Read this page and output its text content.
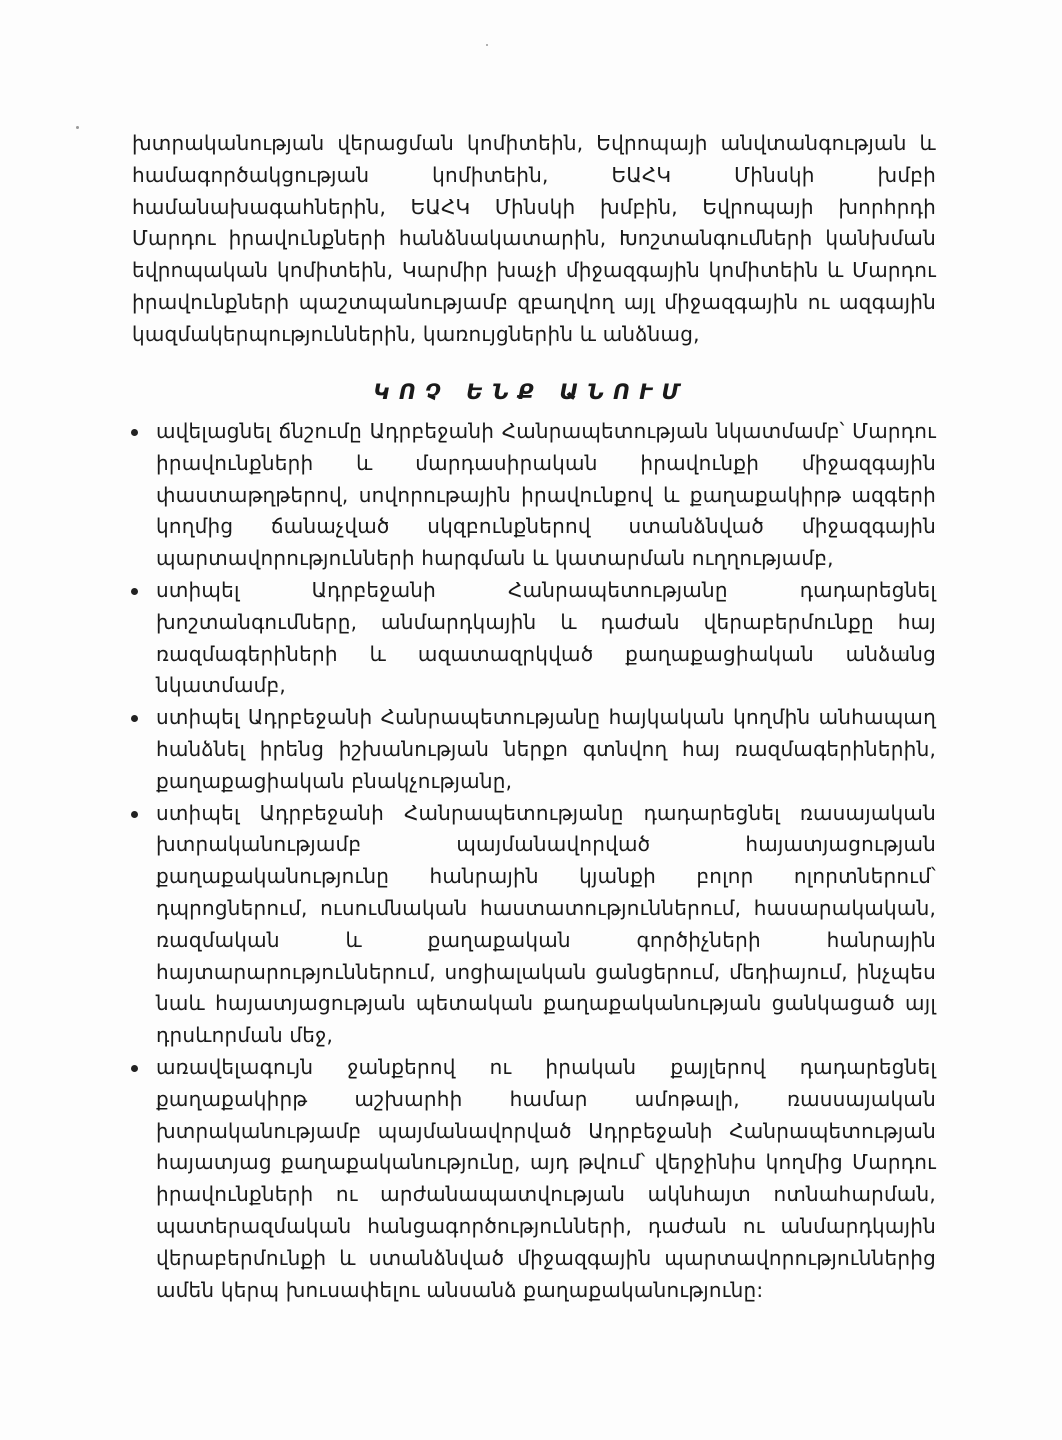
խտրականության վերացման կոմիտեին, Եվրոպայի անվտանգության և համագործակցության կոմիտեին, ԵԱՀԿ Մինսկի խմբի համանախագահներին, ԵԱՀԿ Մինսկի խմբին, Եվրոպայի խորհրդի Մարդու իրավունքների հանձնակատարին, Խոշտանգումների կանխման եվրոպական կոմիտեին, Կարմիր խաչի միջազգային կոմիտեին և Մարդու իրավունքների պաշտպանությամբ զբաղվող այլ միջազգային ու ազգային կազմակերպություններին, կառույցներին և անձնաց,
ԿՈՉ ԵՆՔ ԱՆՈՒՄ
ավելացնել ճնշումը Ադրբեջանի Հանրապետության նկատմամբ՝ Մարդու իրավունքների և մարդասիրական իրավունքի միջազգային փաստաթղթերով, սովորութային իրավունքով և քաղաքակիրթ ազգերի կողմից ճանաչված սկզբունքներով ստանձնված միջազգային պարտավորությունների հարգման և կատարման ուղղությամբ,
ստիպել Ադրբեջանի Հանրապետությանը դադարեցնել խոշտանգումները, անմարդկային և դաժան վերաբերմունքը հայ ռազմագերիների և ազատազրկված քաղաքացիական անձանց նկատմամբ,
ստիպել Ադրբեջանի Հանրապետությանը հայկական կողմին անհապաղ հանձնել իրենց իշխանության ներքո գտնվող հայ ռազմագերիներին, քաղաքացիական բնակչությանը,
ստիպել Ադրբեջանի Հանրապետությանը դադարեցնել ռասայական խտրականությամբ պայմանավորված հայատյացության քաղաքականությունը հանրային կյանքի բոլոր ոլորտներում՝ դպրոցներում, ուսումնական հաստատություններում, հասարակական, ռազմական և քաղաքական գործիչների հանրային հայտարարություններում, սոցիալական ցանցերում, մեդիայում, ինչպես նաև հայատյացության պետական քաղաքականության ցանկացած այլ դրսևորման մեջ,
առավելագույն ջանքերով ու իրական քայլերով դադարեցնել քաղաքակիրթ աշխարհի համար ամոթալի, ռասսայական խտրականությամբ պայմանավորված Ադրբեջանի Հանրապետության հայատյաց քաղաքականությունը, այդ թվում՝ վերջինիս կողմից Մարդու իրավունքների ու արժանապատվության ակնհայտ ոտնահարման, պատերազմական հանցագործությունների, դաժան ու անմարդկային վերաբերմունքի և ստանձնված միջազգային պարտավորություններից ամեն կերպ խուսափելու անսանձ քաղաքականությունը:
